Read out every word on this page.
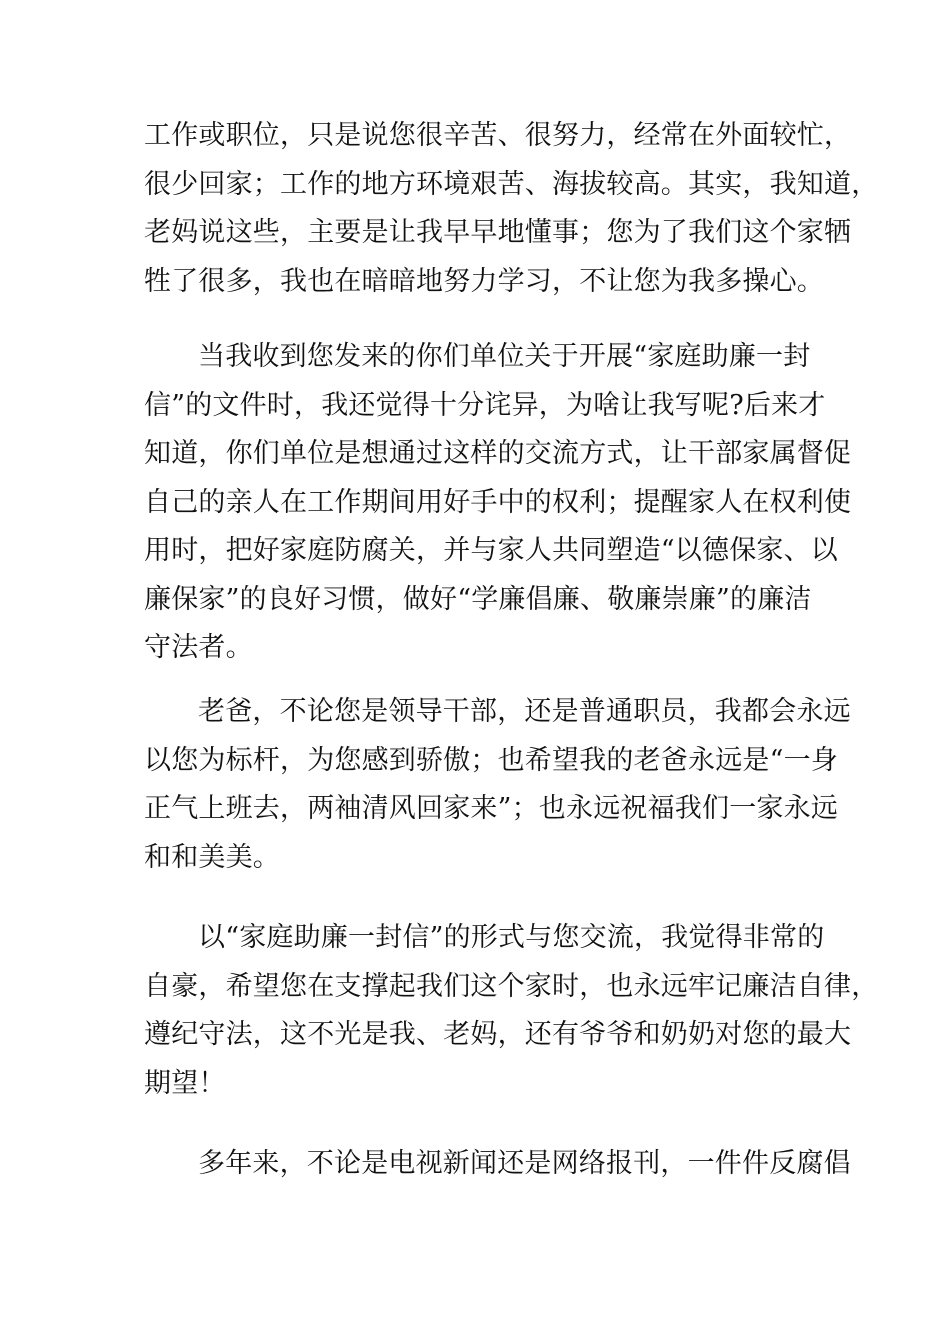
工作或职位，只是说您很辛苦、很努力，经常在外面较忙，
很少回家；工作的地方环境艰苦、海拔较高。其实，我知道，
老妈说这些，主要是让我早早地懂事；您为了我们这个家牺
牲了很多，我也在暗暗地努力学习，不让您为我多操心。
当我收到您发来的你们单位关于开展“家庭助廉一封
信”的文件时，我还觉得十分诧异，为啥让我写呢?后来才
知道，你们单位是想通过这样的交流方式，让干部家属督促
自己的亲人在工作期间用好手中的权利；提醒家人在权利使
用时，把好家庭防腐关，并与家人共同塑造“以德保家、以
廉保家”的良好习惯，做好“学廉倡廉、敬廉崇廉”的廉洁
守法者。
老爸，不论您是领导干部，还是普通职员，我都会永远
以您为标杆，为您感到骄傲；也希望我的老爸永远是“一身
正气上班去，两袖清风回家来”；也永远祝福我们一家永远
和和美美。
以“家庭助廉一封信”的形式与您交流，我觉得非常的
自豪，希望您在支撑起我们这个家时，也永远牢记廉洁自律，
遵纪守法，这不光是我、老妈，还有爷爷和奶奶对您的最大
期望！
多年来，不论是电视新闻还是网络报刊，一件件反腐倡
